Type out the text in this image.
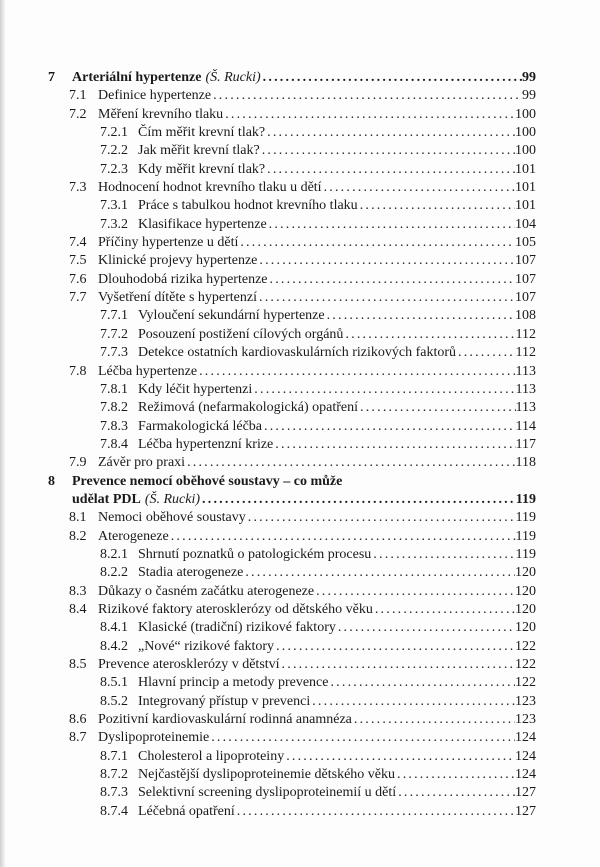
7 Arteriální hypertenze (Š. Rucki) . . .	99
7.1 Definice hypertenze . . .	99
7.2 Měření krevního tlaku . . .	100
7.2.1 Čím měřit krevní tlak? . . .	100
7.2.2 Jak měřit krevní tlak? . . .	100
7.2.3 Kdy měřit krevní tlak? . . .	101
7.3 Hodnocení hodnot krevního tlaku u dětí . . .	101
7.3.1 Práce s tabulkou hodnot krevního tlaku . . .	101
7.3.2 Klasifikace hypertenze . . .	104
7.4 Příčiny hypertenze u dětí . . .	105
7.5 Klinické projevy hypertenze . . .	107
7.6 Dlouhodobá rizika hypertenze . . .	107
7.7 Vyšetření dítěte s hypertenzí . . .	107
7.7.1 Vyloučení sekundární hypertenze . . .	108
7.7.2 Posouzení postižení cílových orgánů . . .	112
7.7.3 Detekce ostatních kardiovaskulárních rizikových faktorů . . .	112
7.8 Léčba hypertenze . . .	113
7.8.1 Kdy léčit hypertenzi . . .	113
7.8.2 Režimová (nefarmakologická) opatření . . .	113
7.8.3 Farmakologická léčba . . .	114
7.8.4 Léčba hypertenzní krize . . .	117
7.9 Závěr pro praxi . . .	118
8 Prevence nemocí oběhové soustavy – co může
udělat PDL (Š. Rucki) . . .	119
8.1 Nemoci oběhové soustavy . . .	119
8.2 Aterogeneze . . .	119
8.2.1 Shrnutí poznatků o patologickém procesu . . .	119
8.2.2 Stadia aterogeneze . . .	120
8.3 Důkazy o časném začátku aterogeneze . . .	120
8.4 Rizikové faktory aterosklerózy od dětského věku . . .	120
8.4.1 Klasické (tradiční) rizikové faktory . . .	120
8.4.2 „Nové“ rizikové faktory . . .	122
8.5 Prevence aterosklerózy v dětství . . .	122
8.5.1 Hlavní princip a metody prevence . . .	122
8.5.2 Integrovaný přístup v prevenci . . .	123
8.6 Pozitivní kardiovaskulární rodinná anamnéza . . .	123
8.7 Dyslipoproteinemie . . .	124
8.7.1 Cholesterol a lipoproteiny . . .	124
8.7.2 Nejčastější dyslipoproteinemie dětského věku . . .	124
8.7.3 Selektivní screening dyslipoproteinemií u dětí . . .	127
8.7.4 Léčebná opatření . . .	127
